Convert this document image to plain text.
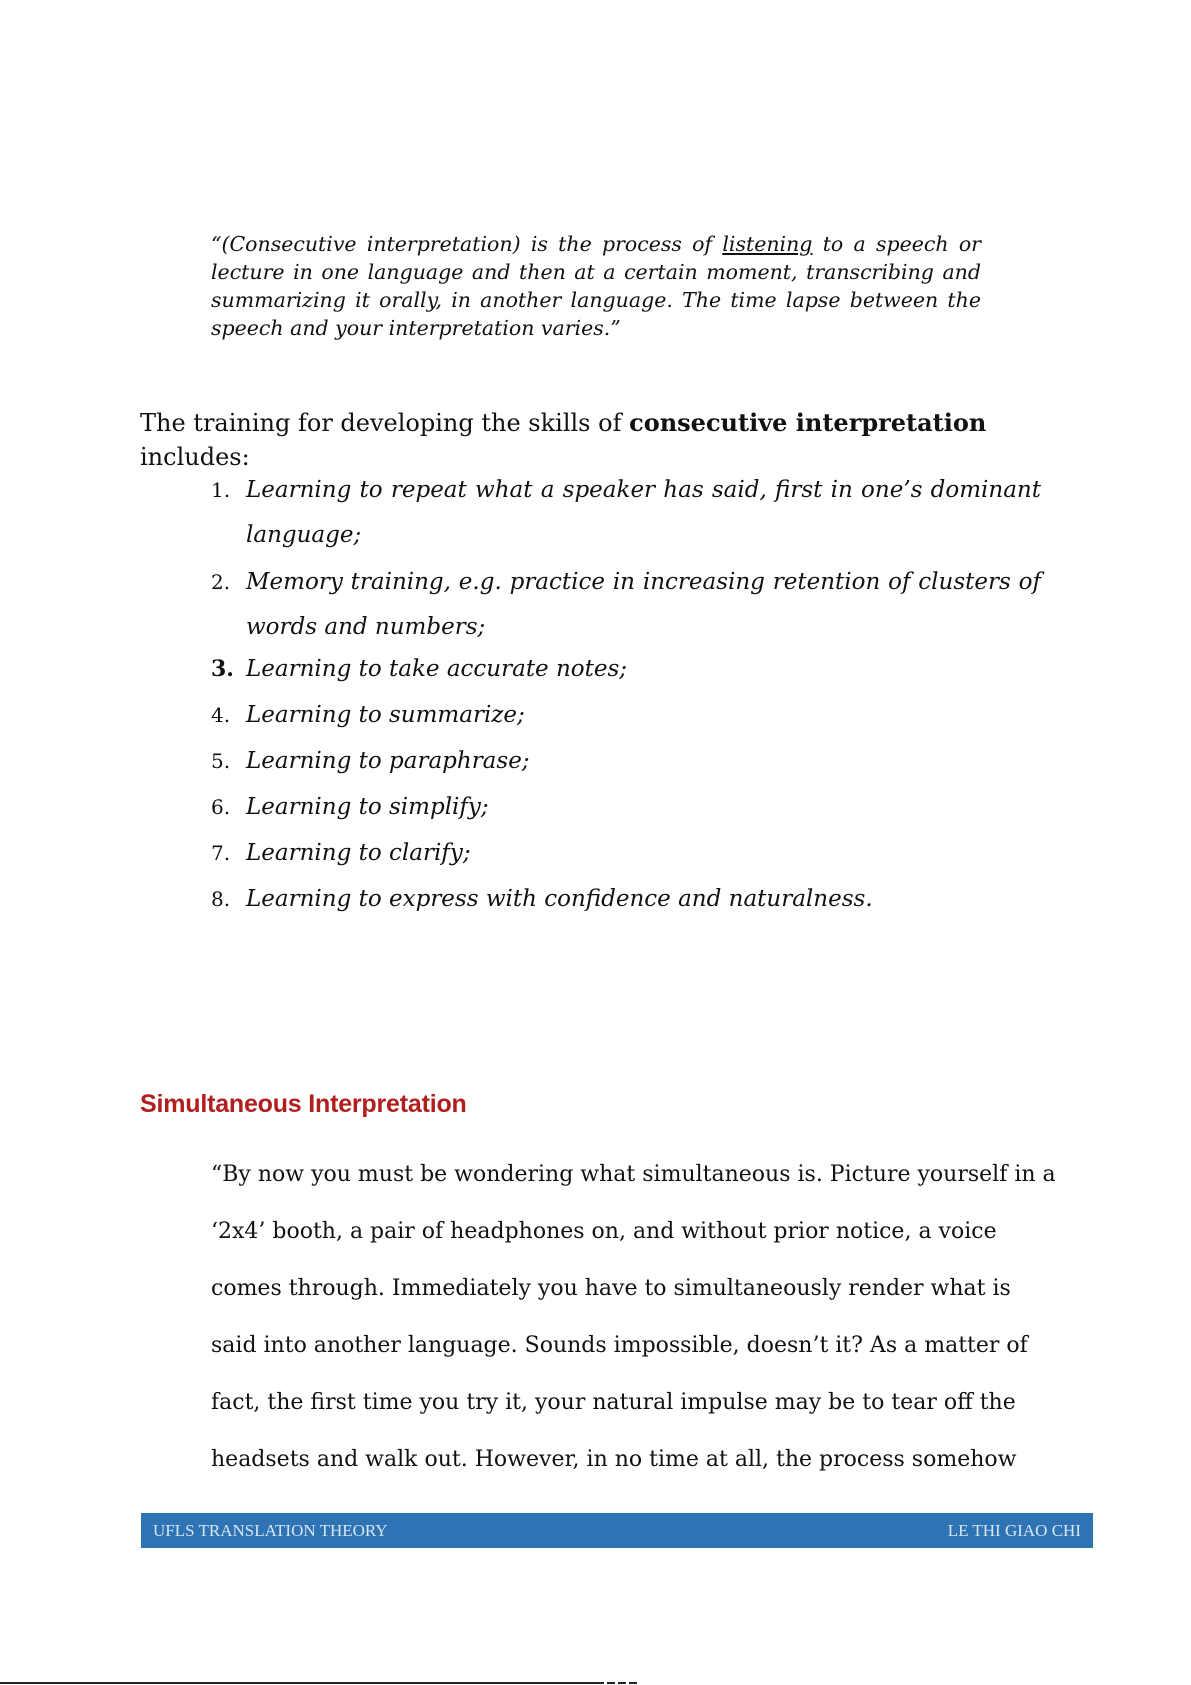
“(Consecutive interpretation) is the process of listening to a speech or lecture in one language and then at a certain moment, transcribing and summarizing it orally, in another language. The time lapse between the speech and your interpretation varies.”
The training for developing the skills of consecutive interpretation includes:
1. Learning to repeat what a speaker has said, first in one’s dominant language;
2. Memory training, e.g. practice in increasing retention of clusters of words and numbers;
3. Learning to take accurate notes;
4. Learning to summarize;
5. Learning to paraphrase;
6. Learning to simplify;
7. Learning to clarify;
8. Learning to express with confidence and naturalness.
Simultaneous Interpretation

“By now you must be wondering what simultaneous is. Picture yourself in a

‘2x4’ booth, a pair of headphones on, and without prior notice, a voice

comes through. Immediately you have to simultaneously render what is

said into another language. Sounds impossible, doesn’t it? As a matter of

fact, the first time you try it, your natural impulse may be to tear off the

headsets and walk out. However, in no time at all, the process somehow

UFLS TRANSLATION THEORY	LE THI GIAO CHI
